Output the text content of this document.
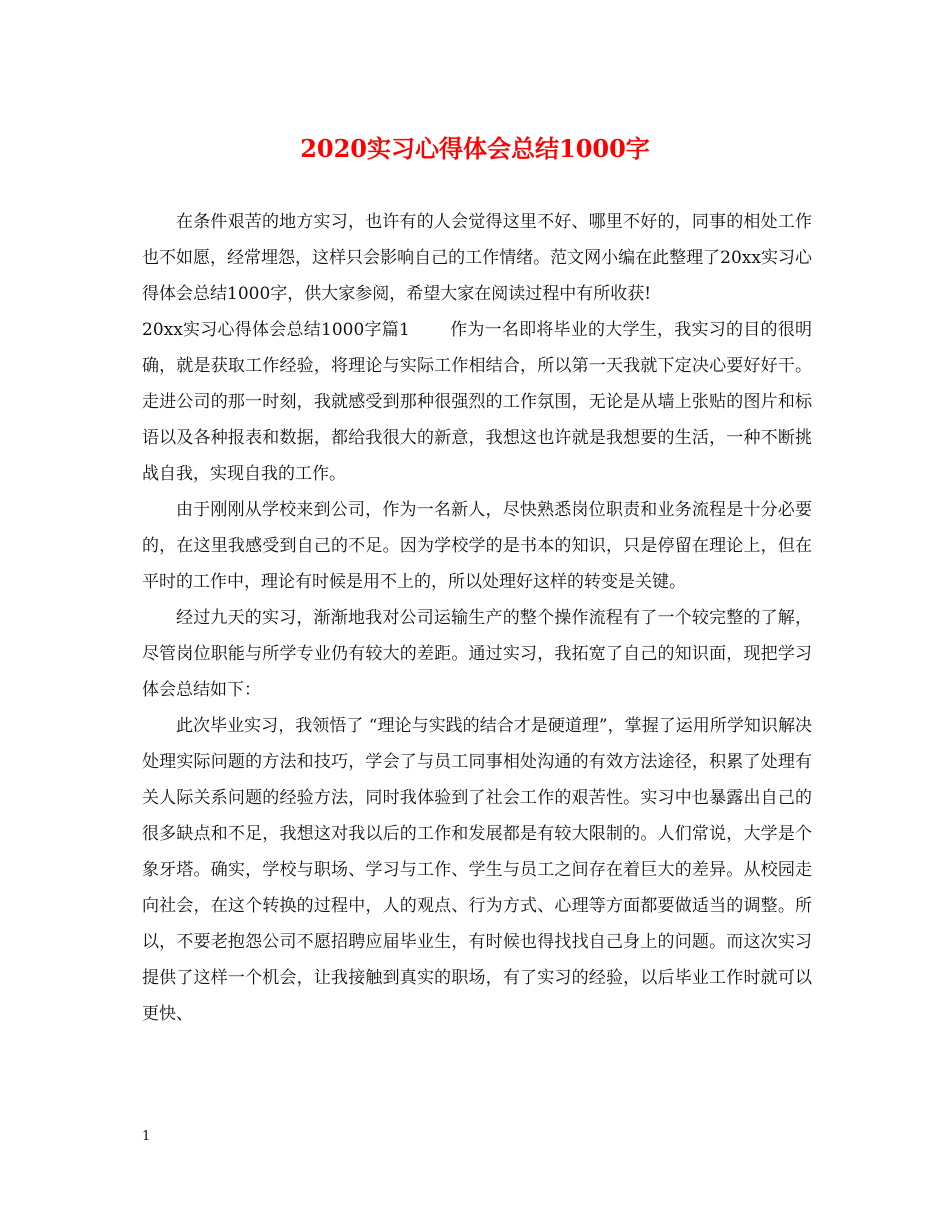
2020实习心得体会总结1000字

在条件艰苦的地方实习，也许有的人会觉得这里不好、哪里不好的，同事的相处工作也不如愿，经常埋怨，这样只会影响自己的工作情绪。范文网小编在此整理了20xx实习心得体会总结1000字，供大家参阅，希望大家在阅读过程中有所收获!

20xx实习心得体会总结1000字篇1 作为一名即将毕业的大学生，我实习的目的很明确，就是获取工作经验，将理论与实际工作相结合，所以第一天我就下定决心要好好干。走进公司的那一时刻，我就感受到那种很强烈的工作氛围，无论是从墙上张贴的图片和标语以及各种报表和数据，都给我很大的新意，我想这也许就是我想要的生活，一种不断挑战自我，实现自我的工作。

由于刚刚从学校来到公司，作为一名新人，尽快熟悉岗位职责和业务流程是十分必要的，在这里我感受到自己的不足。因为学校学的是书本的知识，只是停留在理论上，但在平时的工作中，理论有时候是用不上的，所以处理好这样的转变是关键。

经过九天的实习，渐渐地我对公司运输生产的整个操作流程有了一个较完整的了解，尽管岗位职能与所学专业仍有较大的差距。通过实习，我拓宽了自己的知识面，现把学习体会总结如下：

此次毕业实习，我领悟了 “理论与实践的结合才是硬道理”，掌握了运用所学知识解决处理实际问题的方法和技巧，学会了与员工同事相处沟通的有效方法途径，积累了处理有关人际关系问题的经验方法，同时我体验到了社会工作的艰苦性。实习中也暴露出自己的很多缺点和不足，我想这对我以后的工作和发展都是有较大限制的。人们常说，大学是个象牙塔。确实，学校与职场、学习与工作、学生与员工之间存在着巨大的差异。从校园走向社会，在这个转换的过程中，人的观点、行为方式、心理等方面都要做适当的调整。所以，不要老抱怨公司不愿招聘应届毕业生，有时候也得找找自己身上的问题。而这次实习提供了这样一个机会，让我接触到真实的职场，有了实习的经验，以后毕业工作时就可以更快、

1
